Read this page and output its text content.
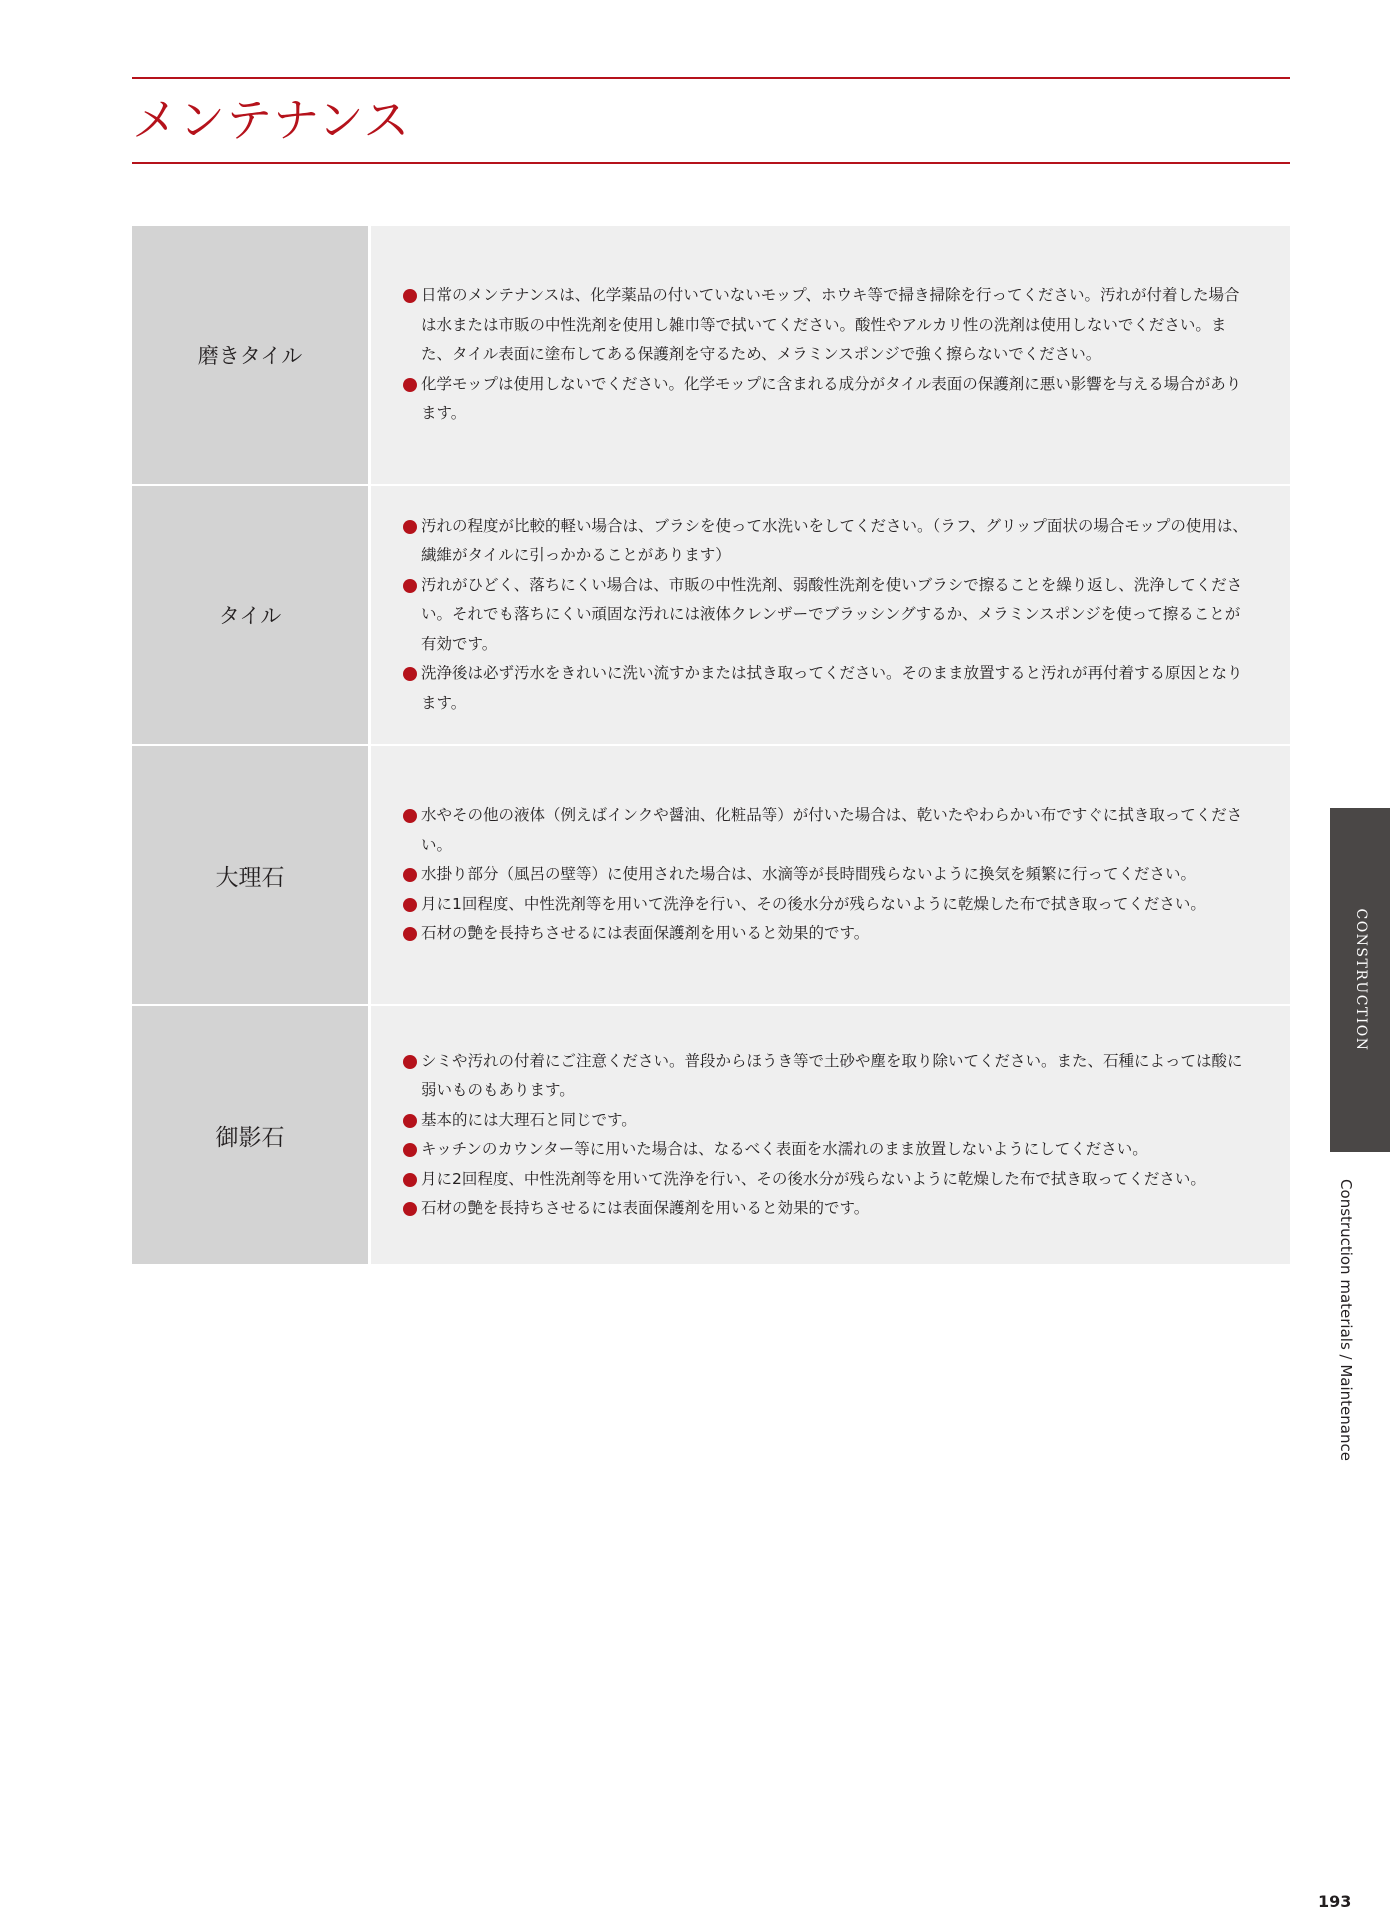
メンテナンス
磨きタイル
日常のメンテナンスは、化学薬品の付いていないモップ、ホウキ等で掃き掃除を行ってください。汚れが付着した場合は水または市販の中性洗剤を使用し雑巾等で拭いてください。酸性やアルカリ性の洗剤は使用しないでください。また、タイル表面に塗布してある保護剤を守るため、メラミンスポンジで強く擦らないでください。
化学モップは使用しないでください。化学モップに含まれる成分がタイル表面の保護剤に悪い影響を与える場合があります。
タイル
汚れの程度が比較的軽い場合は、ブラシを使って水洗いをしてください。（ラフ、グリップ面状の場合モップの使用は、繊維がタイルに引っかかることがあります）
汚れがひどく、落ちにくい場合は、市販の中性洗剤、弱酸性洗剤を使いブラシで擦ることを繰り返し、洗浄してください。それでも落ちにくい頑固な汚れには液体クレンザーでブラッシングするか、メラミンスポンジを使って擦ることが有効です。
洗浄後は必ず汚水をきれいに洗い流すかまたは拭き取ってください。そのまま放置すると汚れが再付着する原因となります。
大理石
水やその他の液体（例えばインクや醤油、化粧品等）が付いた場合は、乾いたやわらかい布ですぐに拭き取ってください。
水掛り部分（風呂の壁等）に使用された場合は、水滴等が長時間残らないように換気を頻繁に行ってください。
月に1回程度、中性洗剤等を用いて洗浄を行い、その後水分が残らないように乾燥した布で拭き取ってください。
石材の艶を長持ちさせるには表面保護剤を用いると効果的です。
御影石
シミや汚れの付着にご注意ください。普段からほうき等で土砂や塵を取り除いてください。また、石種によっては酸に弱いものもあります。
基本的には大理石と同じです。
キッチンのカウンター等に用いた場合は、なるべく表面を水濡れのまま放置しないようにしてください。
月に2回程度、中性洗剤等を用いて洗浄を行い、その後水分が残らないように乾燥した布で拭き取ってください。
石材の艶を長持ちさせるには表面保護剤を用いると効果的です。
CONSTRUCTION
Construction materials / Maintenance
193
